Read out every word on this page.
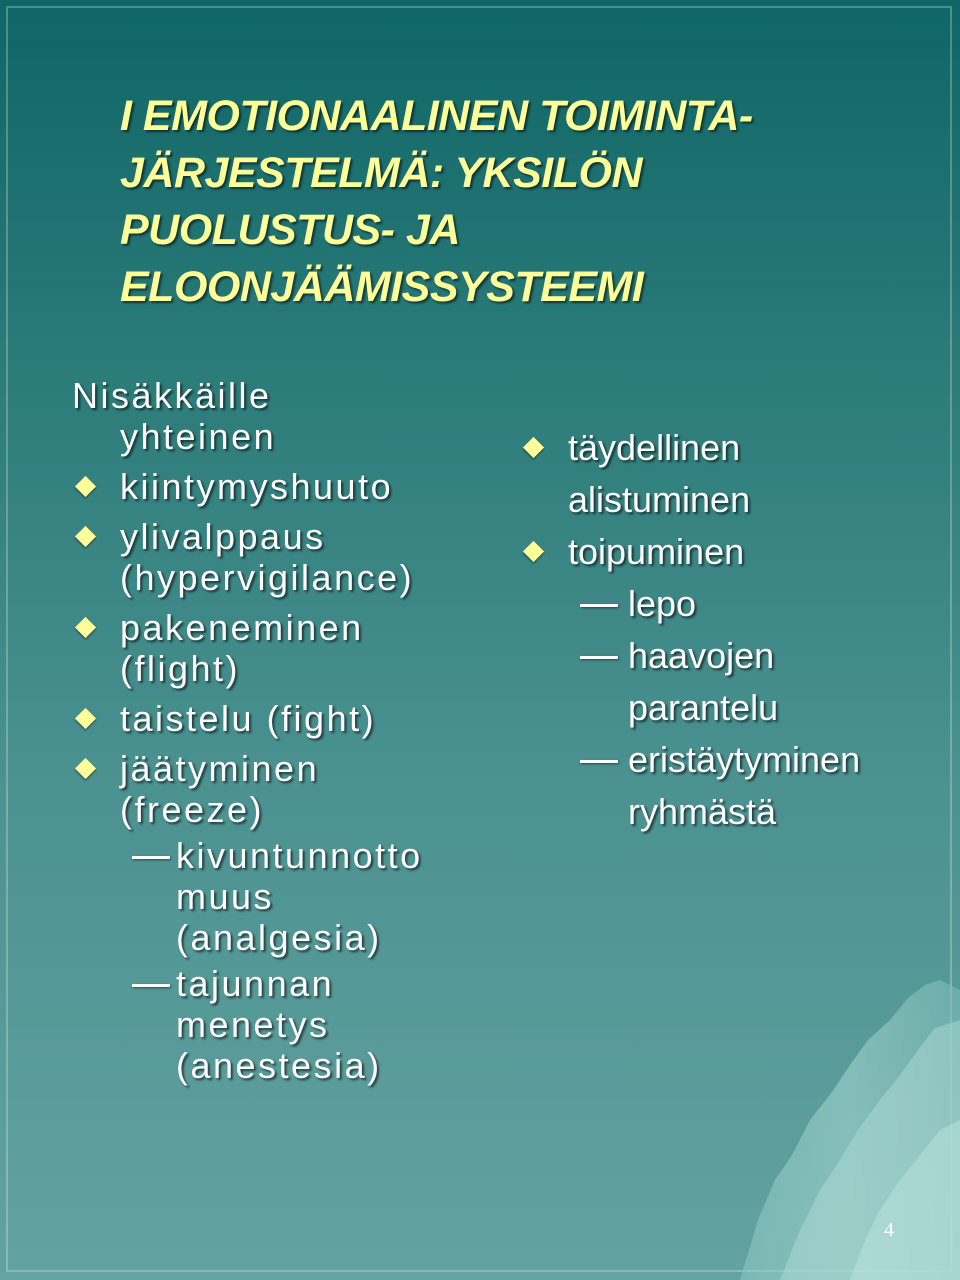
I EMOTIONAALINEN TOIMINTA-
JÄRJESTELMÄ: YKSILÖN
PUOLUSTUS- JA
ELOONJÄÄMISSYSTEEMI
Nisäkkäille
yhteinen
kiintymyshuuto
ylivalppaus
(hypervigilance)
pakeneminen
(flight)
taistelu (fight)
jäätyminen
(freeze)
kivuntunnotto
muus
(analgesia)
tajunnan
menetys
(anestesia)
täydellinen
alistuminen
toipuminen
lepo
haavojen
parantelu
eristäytyminen
ryhmästä
4
